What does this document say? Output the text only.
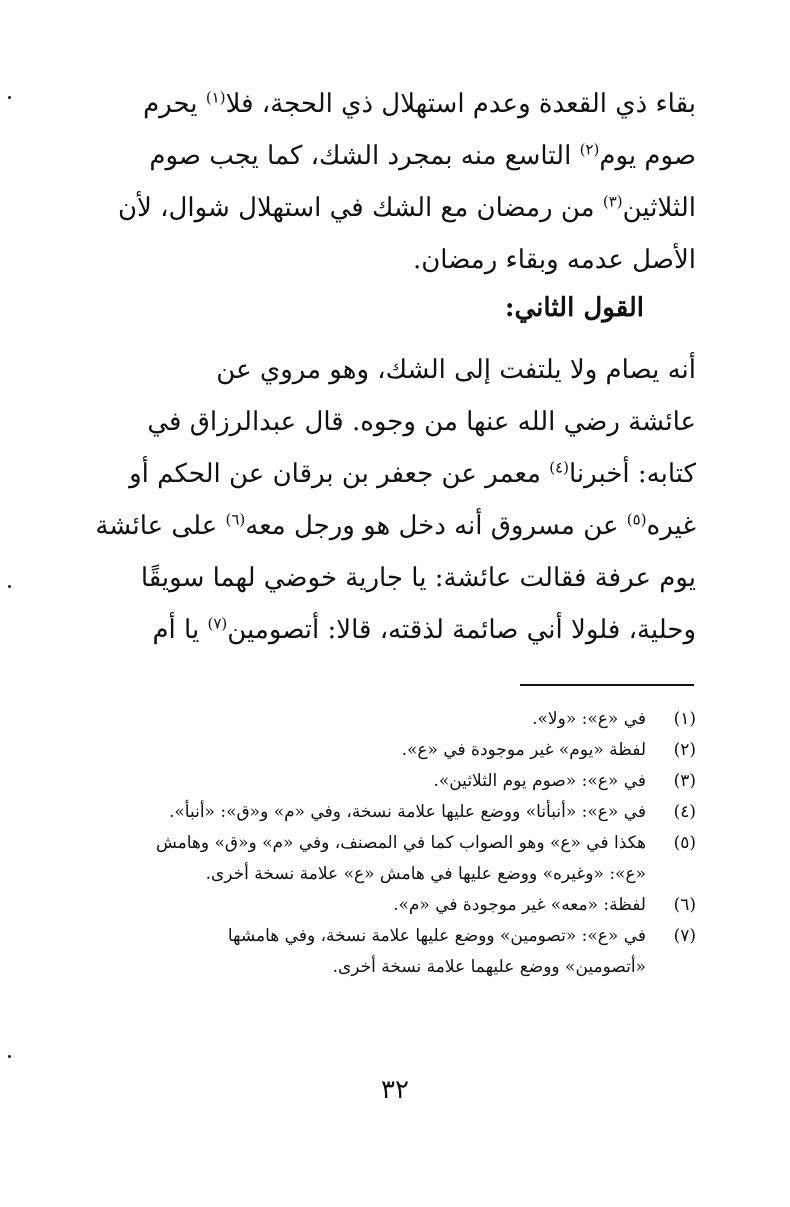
بقاء ذي القعدة وعدم استهلال ذي الحجة، فلا$^{(١)}$ يحرم
صوم يوم$^{(٢)}$ التاسع منه بمجرد الشك، كما يجب صوم
الثلاثين$^{(٣)}$ من رمضان مع الشك في استهلال شوال، لأن
الأصل عدمه وبقاء رمضان.
القول الثاني:
أنه يصام ولا يلتفت إلى الشك، وهو مروي عن
عائشة رضي الله عنها من وجوه. قال عبدالرزاق في
كتابه: أخبرنا$^{(٤)}$ معمر عن جعفر بن برقان عن الحكم أو
غيره$^{(٥)}$ عن مسروق أنه دخل هو ورجل معه$^{(٦)}$ على عائشة
يوم عرفة فقالت عائشة: يا جارية خوضي لهما سويقًا
وحلية، فلولا أني صائمة لذقته، قالا: أتصومين$^{(٧)}$ يا أم
(١)
في «ع»: «ولا».
(٢)
لفظة «يوم» غير موجودة في «ع».
(٣)
في «ع»: «صوم يوم الثلاثين».
(٤)
في «ع»: «أنبأنا» ووضع عليها علامة نسخة، وفي «م» و«ق»: «أنبأ».
(٥)
هكذا في «ع» وهو الصواب كما في المصنف، وفي «م» و«ق» وهامش
«ع»: «وغيره» ووضع عليها في هامش «ع» علامة نسخة أخرى.
(٦)
لفظة: «معه» غير موجودة في «م».
(٧)
في «ع»: «تصومين» ووضع عليها علامة نسخة، وفي هامشها
«أتصومين» ووضع عليهما علامة نسخة أخرى.
٣٢
